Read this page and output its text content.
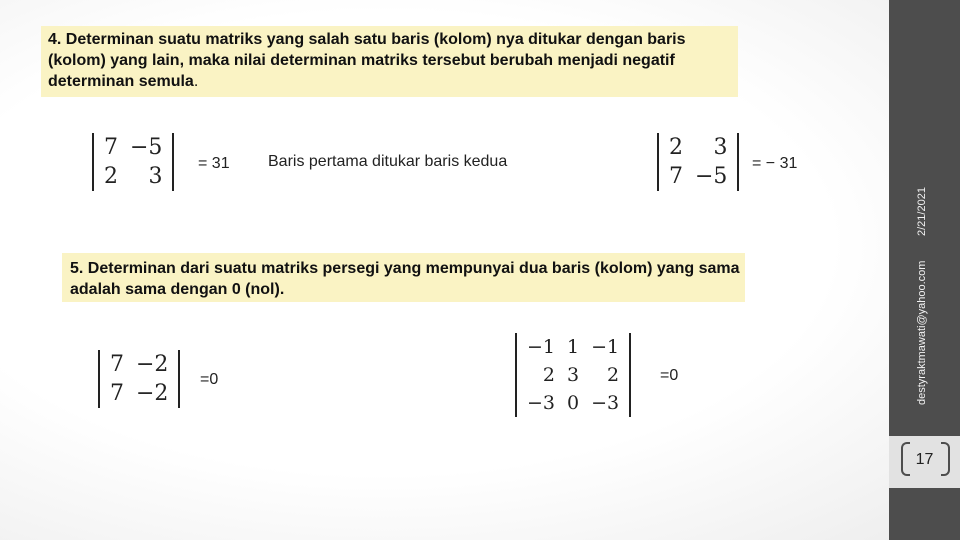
4. Determinan suatu matriks yang salah satu baris (kolom) nya ditukar dengan baris (kolom) yang lain, maka nilai determinan matriks tersebut berubah menjadi negatif determinan semula.
7	−5
2	3
= 31 Baris pertama ditukar baris kedua
2	3
7	−5
= − 31
5. Determinan dari suatu matriks persegi yang mempunyai dua baris (kolom) yang sama adalah sama dengan 0 (nol).
7	−2
7	−2
=0
−1	1	−1
2	3	2
−3	0	−3
=0
2/21/2021
destyraktmawati@yahoo.com
17
